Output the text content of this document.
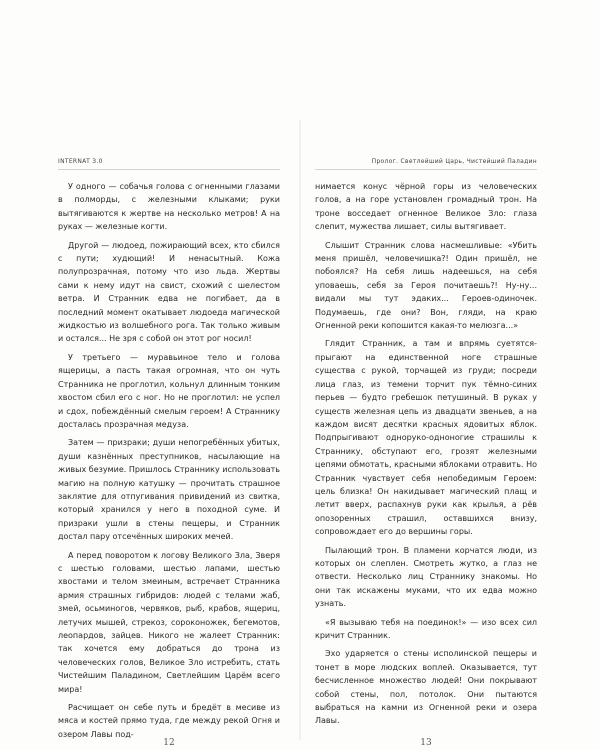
INTERNAT 3.0

У одного — собачья голова с огненными глазами в полморды, с железными клыками; руки вытягиваются к жертве на несколько метров! А на руках — железные когти.

Другой — людоед, пожирающий всех, кто сбился с пути; худющий! И ненасытный. Кожа полупрозрачная, потому что изо льда. Жертвы сами к нему идут на свист, схожий с шелестом ветра. И Странник едва не погибает, да в последний момент окатывает людоеда магической жидкостью из волшебного рога. Так только живым и остался... Не зря с собой он этот рог носил!

У третьего — муравьиное тело и голова ящерицы, а пасть такая огромная, что он чуть Странника не проглотил, кольнул длинным тонким хвостом сбил его с ног. Но не проглотил: не успел и сдох, побеждённый смелым героем! А Страннику досталась прозрачная медуза.

Затем — призраки; души непогребённых убитых, души казнённых преступников, насылающие на живых безумие. Пришлось Страннику использовать магию на полную катушку — прочитать страшное заклятие для отпугивания привидений из свитка, который хранился у него в походной суме. И призраки ушли в стены пещеры, и Странник достал пару отсечённых широких мечей.

А перед поворотом к логову Великого Зла, Зверя с шестью головами, шестью лапами, шестью хвостами и телом змеиным, встречает Странника армия страшных гибридов: людей с телами жаб, змей, осьминогов, червяков, рыб, крабов, ящериц, летучих мышей, стрекоз, сороконожек, бегемотов, леопардов, зайцев. Никого не жалеет Странник: так хочется ему добраться до трона из человеческих голов, Великое Зло истребить, стать Чистейшим Паладином, Светлейшим Царём всего мира!

Расчищает он себе путь и бредёт в месиве из мяса и костей прямо туда, где между рекой Огня и озером Лавы под-

12
Пролог. Светлейший Царь, Чистейший Паладин

нимается конус чёрной горы из человеческих голов, а на горе установлен громадный трон. На троне восседает огненное Великое Зло: глаза слепит, мужества лишает, силы вытягивает.

Слышит Странник слова насмешливые: «Убить меня пришёл, человечишка?! Один пришёл, не побоялся? На себя лишь надеешься, на себя уповаешь, себя за Героя почитаешь?! Ну-ну... видали мы тут эдаких... Героев-одиночек. Подумаешь, где они? Вон, гляди, на краю Огненной реки копошится какая-то мелюзга...»

Глядит Странник, а там и впрямь суетятся-прыгают на единственной ноге страшные существа с рукой, торчащей из груди; посреди лица глаз, из темени торчит пук тёмно-синих перьев — будто гребешок петушиный. В руках у существ железная цепь из двадцати звеньев, а на каждом висят десятки красных ядовитых яблок. Подпрыгивают одноруко-одноногие страшилы к Страннику, обступают его, грозят железными цепями обмотать, красными яблоками отравить. Но Странник чувствует себя непобедимым Героем: цель близка! Он накидывает магический плащ и летит вверх, распахнув руки как крылья, а рёв опозоренных страшил, оставшихся внизу, сопровождает его до вершины горы.

Пылающий трон. В пламени корчатся люди, из которых он слеплен. Смотреть жутко, а глаз не отвести. Несколько лиц Страннику знакомы. Но они так искажены муками, что их едва можно узнать.

«Я вызываю тебя на поединок!» — изо всех сил кричит Странник.

Эхо ударяется о стены исполинской пещеры и тонет в море людских воплей. Оказывается, тут бесчисленное множество людей! Они покрывают собой стены, пол, потолок. Они пытаются выбраться на камни из Огненной реки и озера Лавы.

13
